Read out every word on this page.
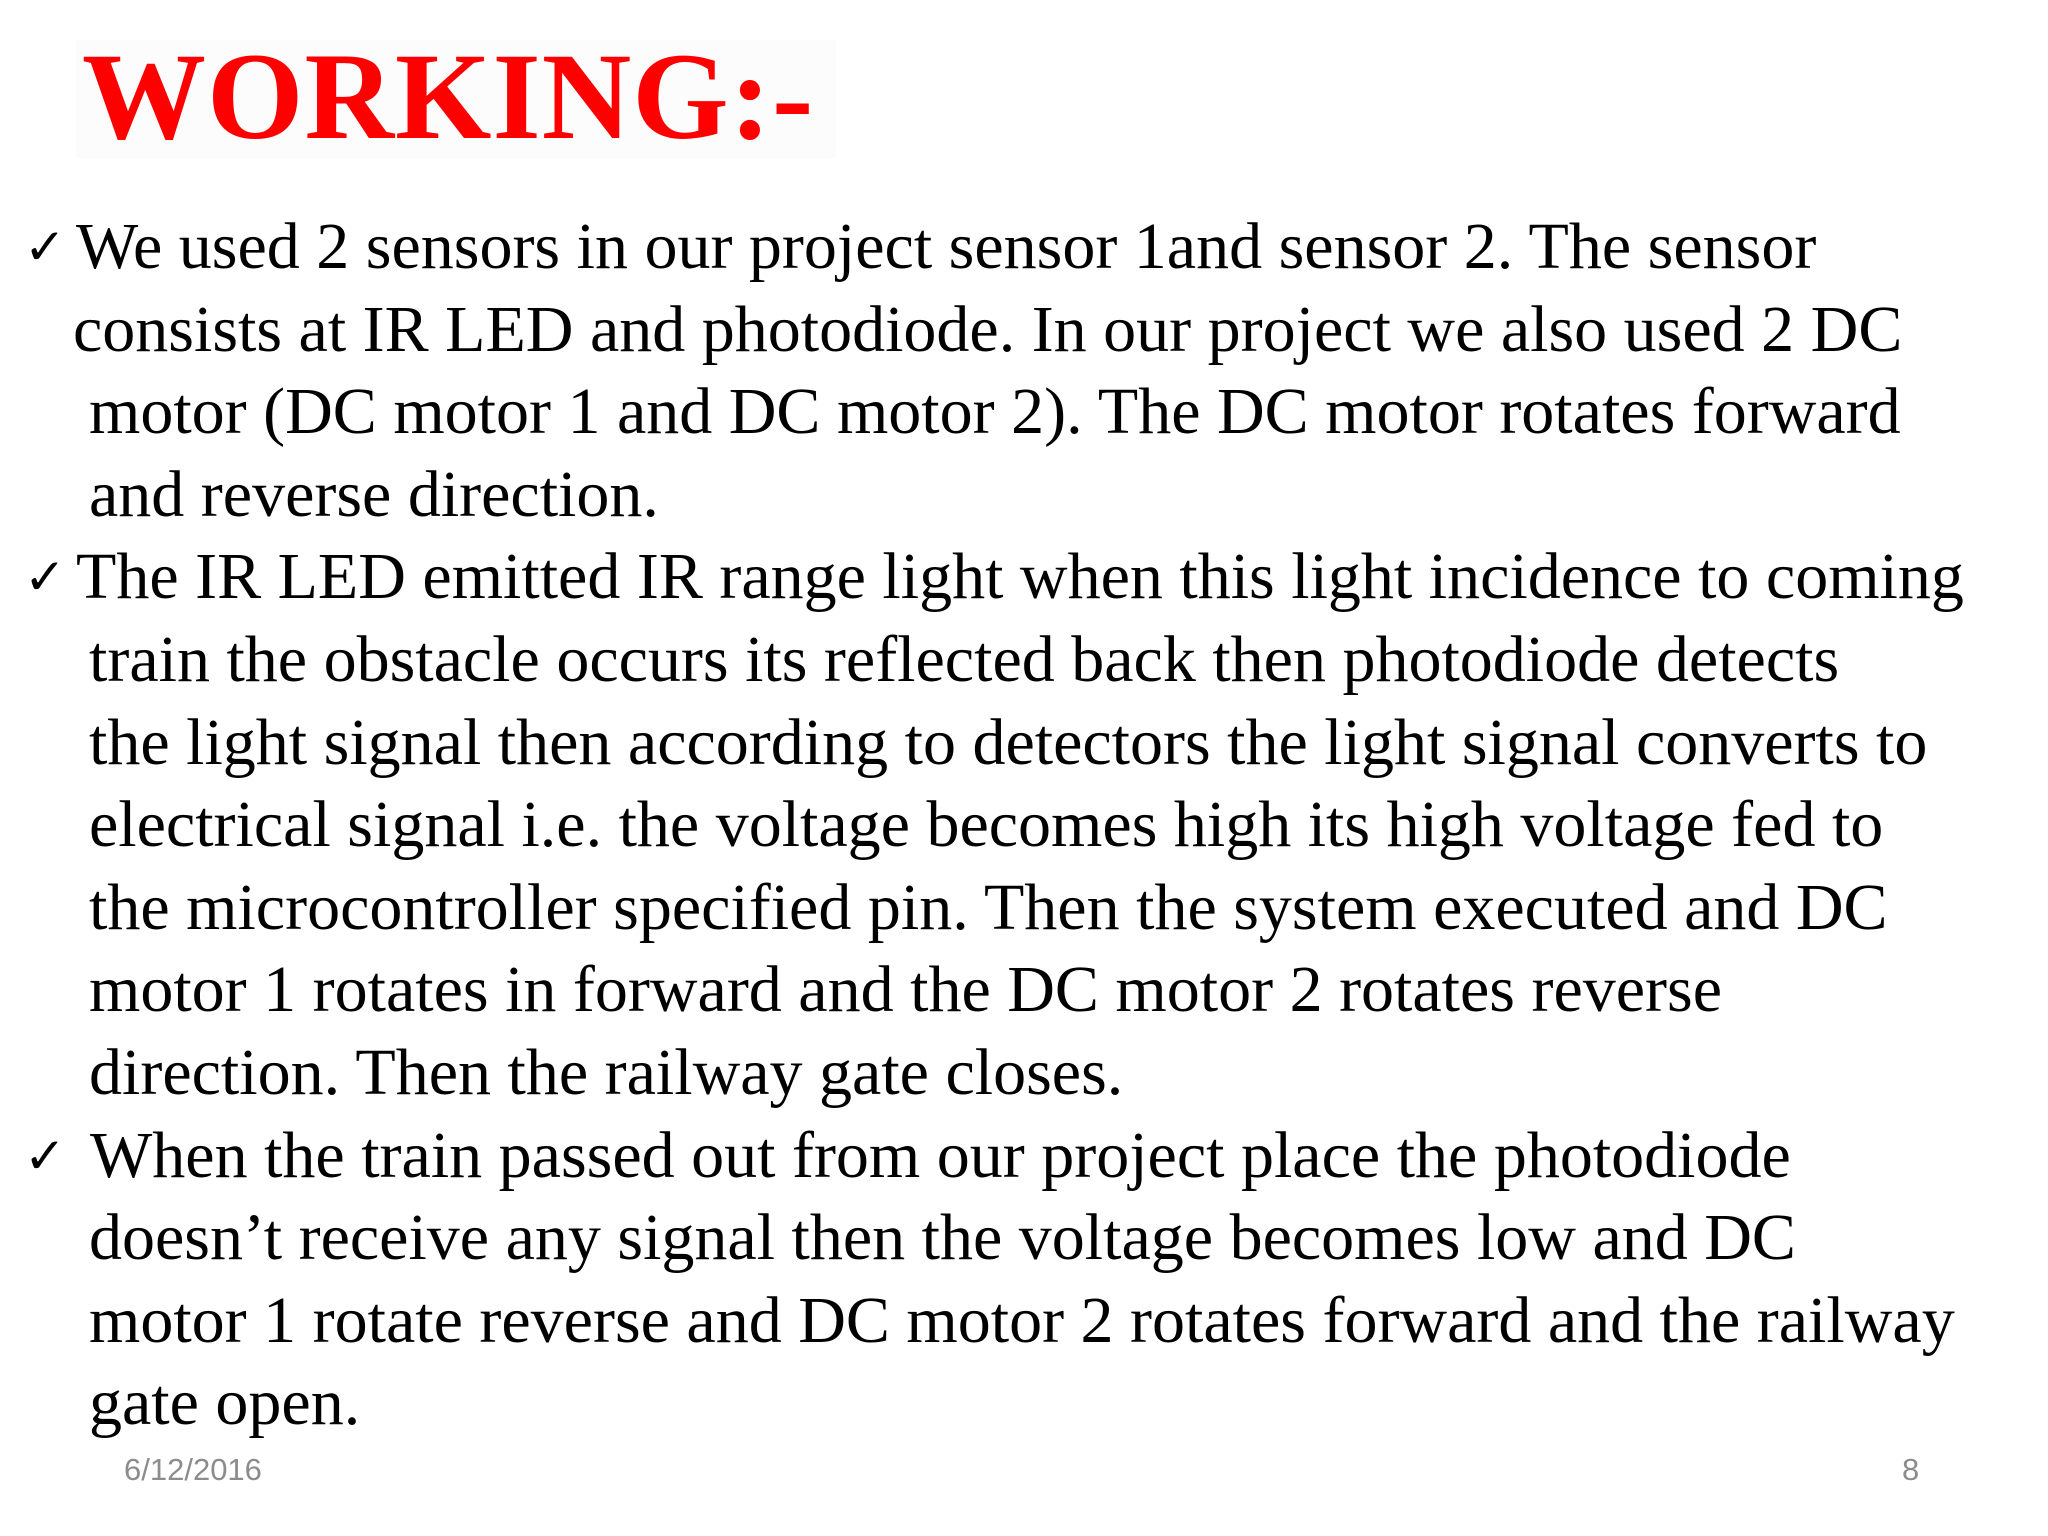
WORKING:-
✓ We used 2 sensors in our project sensor 1and sensor 2. The sensor
consists at IR LED and photodiode. In our project we also used 2 DC
motor (DC motor 1 and DC motor 2). The DC motor rotates forward
and reverse direction.
✓ The IR LED emitted IR range light when this light incidence to coming
train the obstacle occurs its reflected back then photodiode detects
the light signal then according to detectors the light signal converts to
electrical signal i.e. the voltage becomes high its high voltage fed to
the microcontroller specified pin. Then the system executed and DC
motor 1 rotates in forward and the DC motor 2 rotates reverse
direction. Then the railway gate closes.
✓ When the train passed out from our project place the photodiode
doesn’t receive any signal then the voltage becomes low and DC
motor 1 rotate reverse and DC motor 2 rotates forward and the railway
gate open.
6/12/2016	8
